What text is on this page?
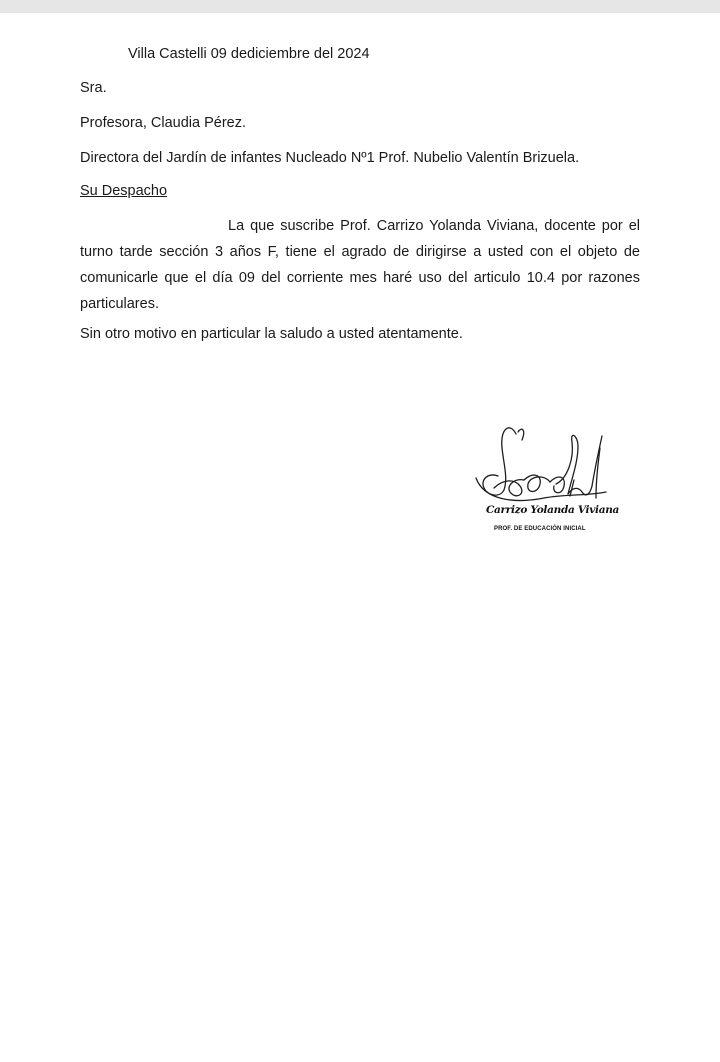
Villa Castelli 09 dediciembre del 2024
Sra.
Profesora, Claudia Pérez.
Directora del Jardín de infantes Nucleado Nº1 Prof. Nubelio Valentín Brizuela.
Su Despacho
La que suscribe Prof. Carrizo Yolanda Viviana, docente por el turno tarde sección 3 años F, tiene el agrado de dirigirse a usted con el objeto de comunicarle que el día 09 del corriente mes haré uso del articulo 10.4 por razones particulares.
Sin otro motivo en particular la saludo a usted atentamente.
Carrizo Yolanda Viviana
PROF. DE EDUCACIÓN INICIAL
